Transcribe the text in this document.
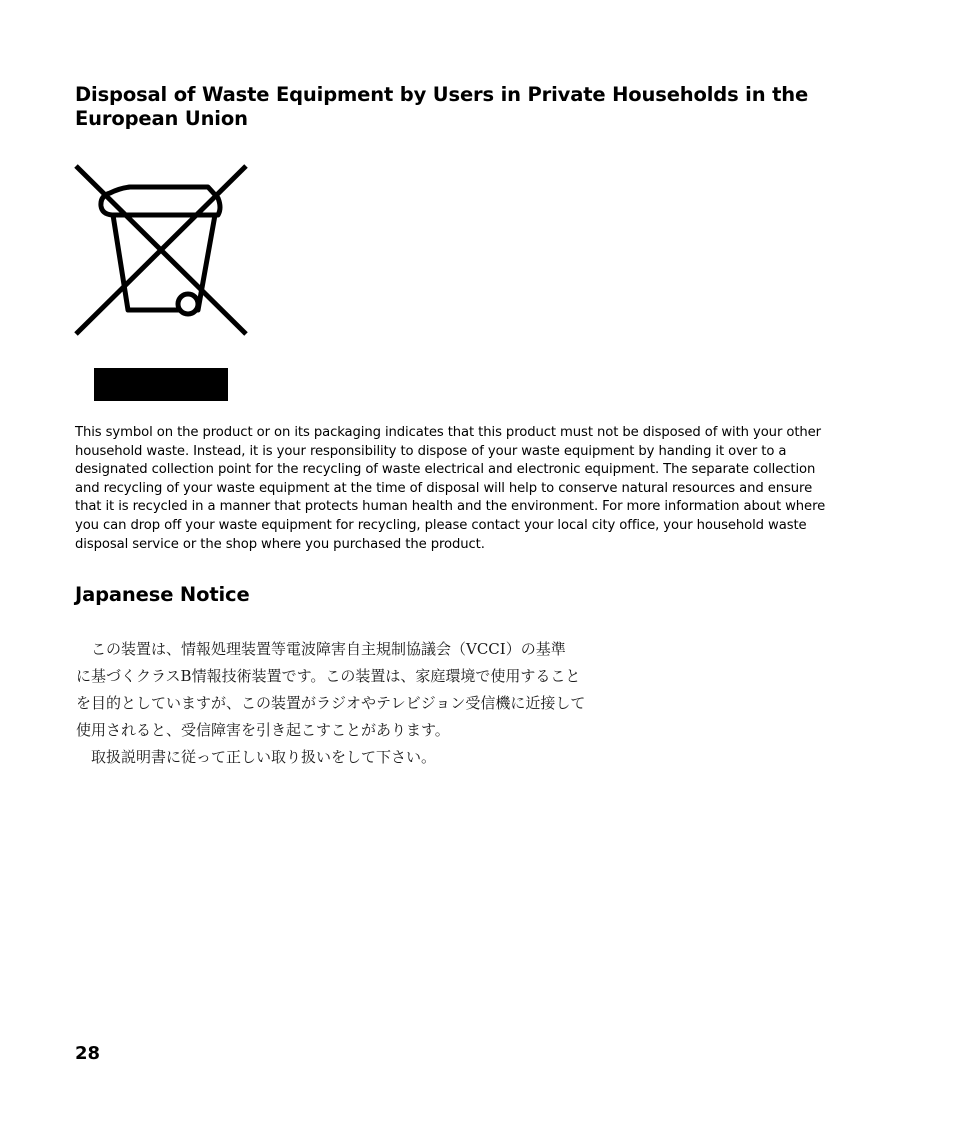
Disposal of Waste Equipment by Users in Private Households in the
European Union

This symbol on the product or on its packaging indicates that this product must not be disposed of with your other
household waste. Instead, it is your responsibility to dispose of your waste equipment by handing it over to a
designated collection point for the recycling of waste electrical and electronic equipment. The separate collection
and recycling of your waste equipment at the time of disposal will help to conserve natural resources and ensure
that it is recycled in a manner that protects human health and the environment. For more information about where
you can drop off your waste equipment for recycling, please contact your local city office, your household waste
disposal service or the shop where you purchased the product.

Japanese Notice
　この装置は、情報処理装置等電波障害自主規制協議会（VCCI）の基準
に基づくクラスB情報技術装置です。この装置は、家庭環境で使用すること
を目的としていますが、この装置がラジオやテレビジョン受信機に近接して
使用されると、受信障害を引き起こすことがあります。
　取扱説明書に従って正しい取り扱いをして下さい。

28
